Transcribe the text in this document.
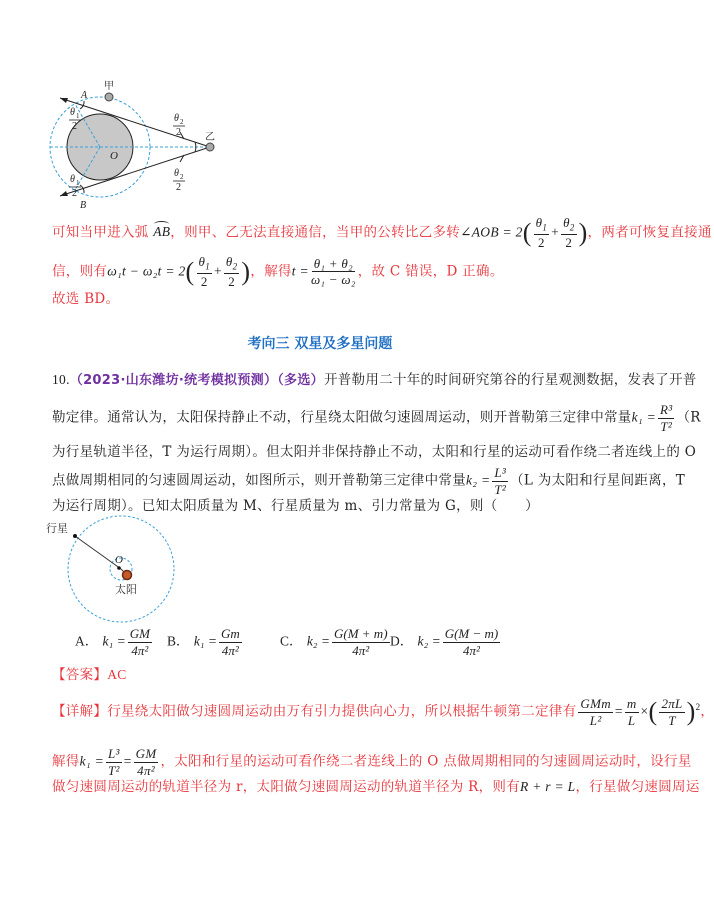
甲
乙
A
B
O
θ 1
2
θ 1
2
θ 2
2
θ 2
2
可知当甲进入弧 AB，则甲、乙无法直接通信，当甲的公转比乙多转∠AOB = $2( \frac{\theta_1}{2} + \frac{\theta_2}{2}$ )，两者可恢复直接通
信，则有$\omega_1t - \omega_2t = 2( \frac{\theta_1}{2} + \frac{\theta_2}{2}$ )，解得$t = \frac{\text{θ₁ + θ₂}}{\text{ω₁ − ω₂}}$ ，故 C 错误，D 正确。
故选 BD。
考向三 双星及多星问题
10.（2023·山东潍坊·统考模拟预测）（多选）开普勒用二十年的时间研究第谷的行星观测数据，发表了开普
勒定律。通常认为，太阳保持静止不动，行星绕太阳做匀速圆周运动，则开普勒第三定律中常量$k_1 = \frac{\text{R³}}{\text{T²}} (R$
为行星轨道半径，T 为运行周期）。但太阳并非保持静止不动，太阳和行星的运动可看作绕二者连线上的 O
点做周期相同的匀速圆周运动，如图所示，则开普勒第三定律中常量$k_2 = \frac{\text{L³}}{\text{T²}} (L$ 为太阳和行星间距离，T
为运行周期）。已知太阳质量为 M、行星质量为 m、引力常量为 G，则（　　）
行星
O
太阳
A． $k_1 = \frac{GM}{\text{4π²}}$ B． $k_1 = \frac{Gm}{\text{4π²}}$	C． $k_2 = \frac{G(M + m)}{\text{4π²}}$ D． $k_2 = \frac{G(M - m)}{\text{4π²}}$
【答案】AC
【详解】行星绕太阳做匀速圆周运动由万有引力提供向心力，所以根据牛顿第二定律有 $\frac{\text{GMm}}{\text{L²}} = \frac{m}{L}$ ×( $\frac{2\pi L}{T} )^2$，
解得$k_1 = \frac{\text{L³}}{\text{T²}} = \frac{GM}{\text{4π²}}$ ，太阳和行星的运动可看作绕二者连线上的 O 点做周期相同的匀速圆周运动时，设行星
做匀速圆周运动的轨道半径为 r，太阳做匀速圆周运动的轨道半径为 R，则有R + r = L，行星做匀速圆周运
